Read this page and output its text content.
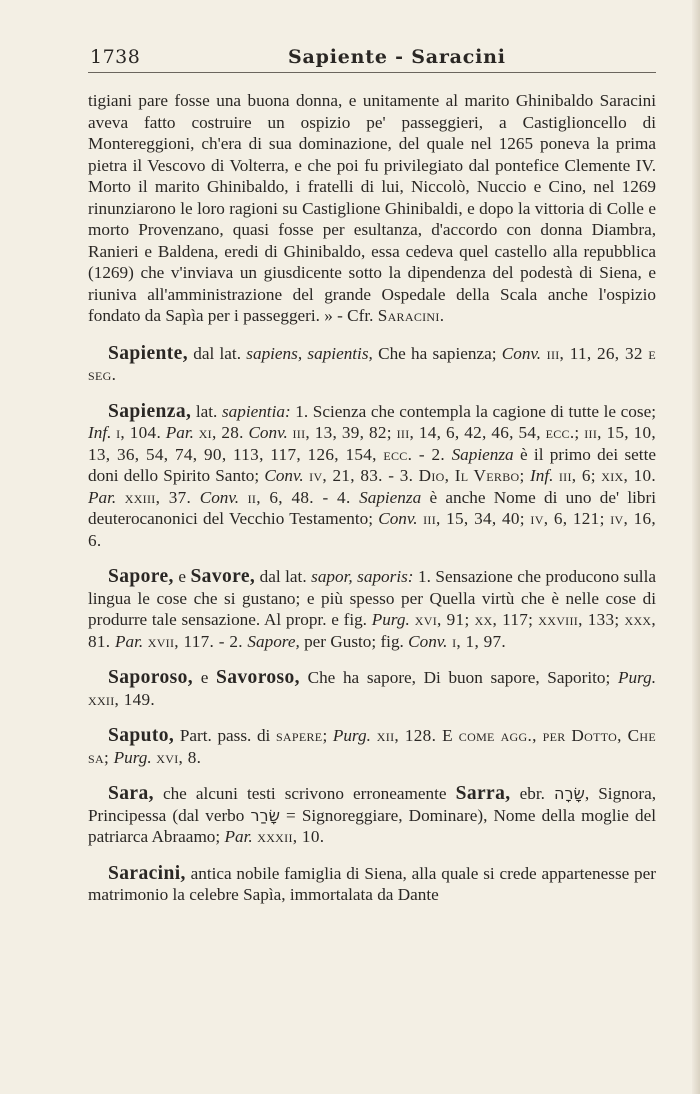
1738	Sapiente - Saracini

tigiani pare fosse una buona donna, e unitamente al marito Ghinibaldo Saracini aveva fatto costruire un ospizio pe' passeggieri, a Castiglioncello di Montereggioni, ch'era di sua dominazione, del quale nel 1265 poneva la prima pietra il Vescovo di Volterra, e che poi fu privilegiato dal pontefice Clemente IV. Morto il marito Ghinibaldo, i fratelli di lui, Niccolò, Nuccio e Cino, nel 1269 rinunziarono le loro ragioni su Castiglione Ghinibaldi, e dopo la vittoria di Colle e morto Provenzano, quasi fosse per esultanza, d'accordo con donna Diambra, Ranieri e Baldena, eredi di Ghinibaldo, essa cedeva quel castello alla repubblica (1269) che v'inviava un giusdicente sotto la dipendenza del podestà di Siena, e riuniva all'amministrazione del grande Ospedale della Scala anche l'ospizio fondato da Sapìa per i passeggeri. » - Cfr. Saracini.

Sapiente, dal lat. sapiens, sapientis, Che ha sapienza; Conv. iii, 11, 26, 32 e seg.

Sapienza, lat. sapientia: 1. Scienza che contempla la cagione di tutte le cose; Inf. i, 104. Par. xi, 28. Conv. iii, 13, 39, 82; iii, 14, 6, 42, 46, 54, ecc.; iii, 15, 10, 13, 36, 54, 74, 90, 113, 117, 126, 154, ecc. - 2. Sapienza è il primo dei sette doni dello Spirito Santo; Conv. iv, 21, 83. - 3. Dio, Il Verbo; Inf. iii, 6; xix, 10. Par. xxiii, 37. Conv. ii, 6, 48. - 4. Sapienza è anche Nome di uno de' libri deuterocanonici del Vecchio Testamento; Conv. iii, 15, 34, 40; iv, 6, 121; iv, 16, 6.

Sapore, e Savore, dal lat. sapor, saporis: 1. Sensazione che producono sulla lingua le cose che si gustano; e più spesso per Quella virtù che è nelle cose di produrre tale sensazione. Al propr. e fig. Purg. xvi, 91; xx, 117; xxviii, 133; xxx, 81. Par. xvii, 117. - 2. Sapore, per Gusto; fig. Conv. i, 1, 97.

Saporoso, e Savoroso, Che ha sapore, Di buon sapore, Saporito; Purg. xxii, 149.

Saputo, Part. pass. di sapere; Purg. xii, 128. E come agg., per Dotto, Che sa; Purg. xvi, 8.

Sara, che alcuni testi scrivono erroneamente Sarra, ebr. שָׂרָה, Signora, Principessa (dal verbo שָׂרַר = Signoreggiare, Dominare), Nome della moglie del patriarca Abraamo; Par. xxxii, 10.

Saracini, antica nobile famiglia di Siena, alla quale si crede appartenesse per matrimonio la celebre Sapìa, immortalata da Dante
